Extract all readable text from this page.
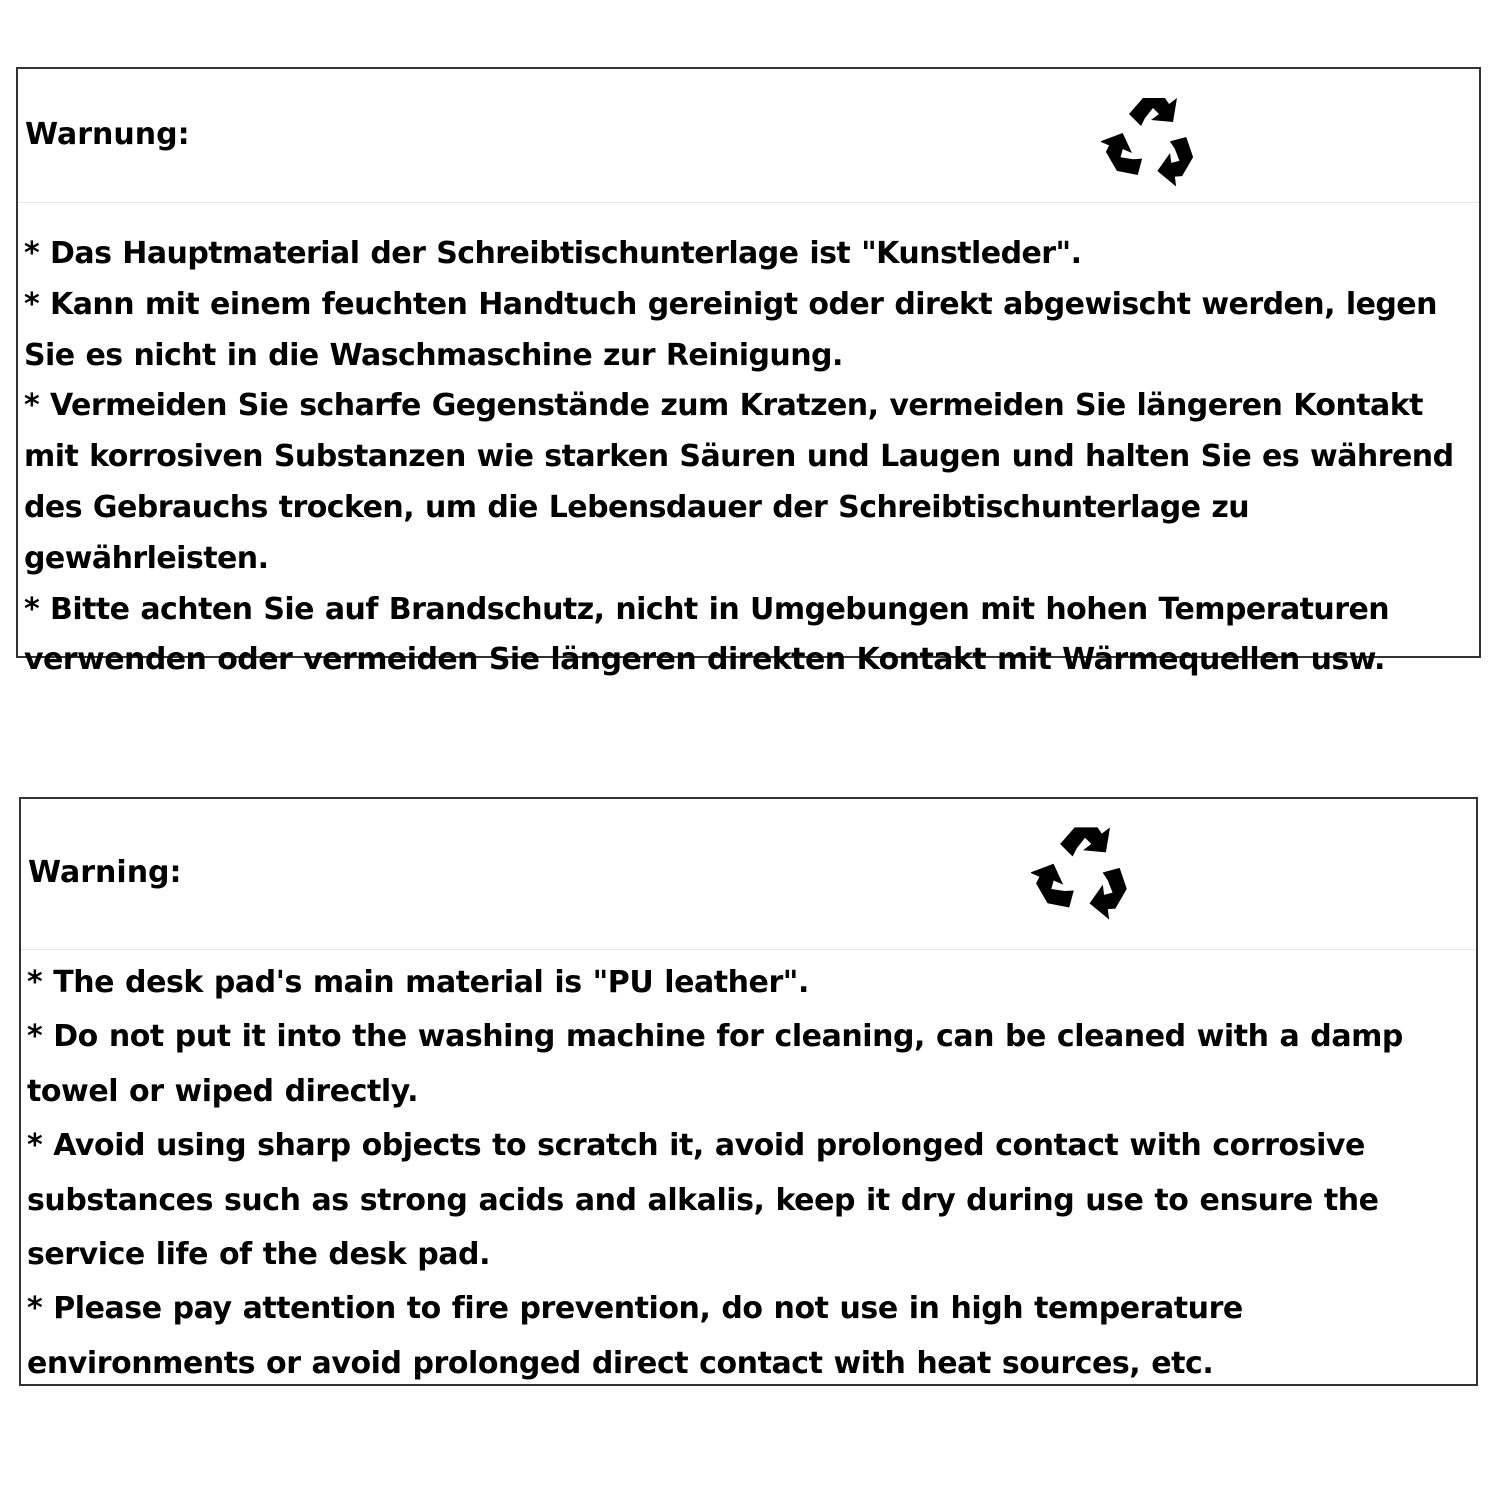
Warnung:

* Das Hauptmaterial der Schreibtischunterlage ist "Kunstleder".

* Kann mit einem feuchten Handtuch gereinigt oder direkt abgewischt werden, legen Sie es nicht in die Waschmaschine zur Reinigung.

* Vermeiden Sie scharfe Gegenstände zum Kratzen, vermeiden Sie längeren Kontakt mit korrosiven Substanzen wie starken Säuren und Laugen und halten Sie es während des Gebrauchs trocken, um die Lebensdauer der Schreibtischunterlage zu gewährleisten.

* Bitte achten Sie auf Brandschutz, nicht in Umgebungen mit hohen Temperaturen verwenden oder vermeiden Sie längeren direkten Kontakt mit Wärmequellen usw.

Warning:

* The desk pad's main material is "PU leather".

* Do not put it into the washing machine for cleaning, can be cleaned with a damp towel or wiped directly.

* Avoid using sharp objects to scratch it, avoid prolonged contact with corrosive substances such as strong acids and alkalis, keep it dry during use to ensure the service life of the desk pad.

* Please pay attention to fire prevention, do not use in high temperature environments or avoid prolonged direct contact with heat sources, etc.
